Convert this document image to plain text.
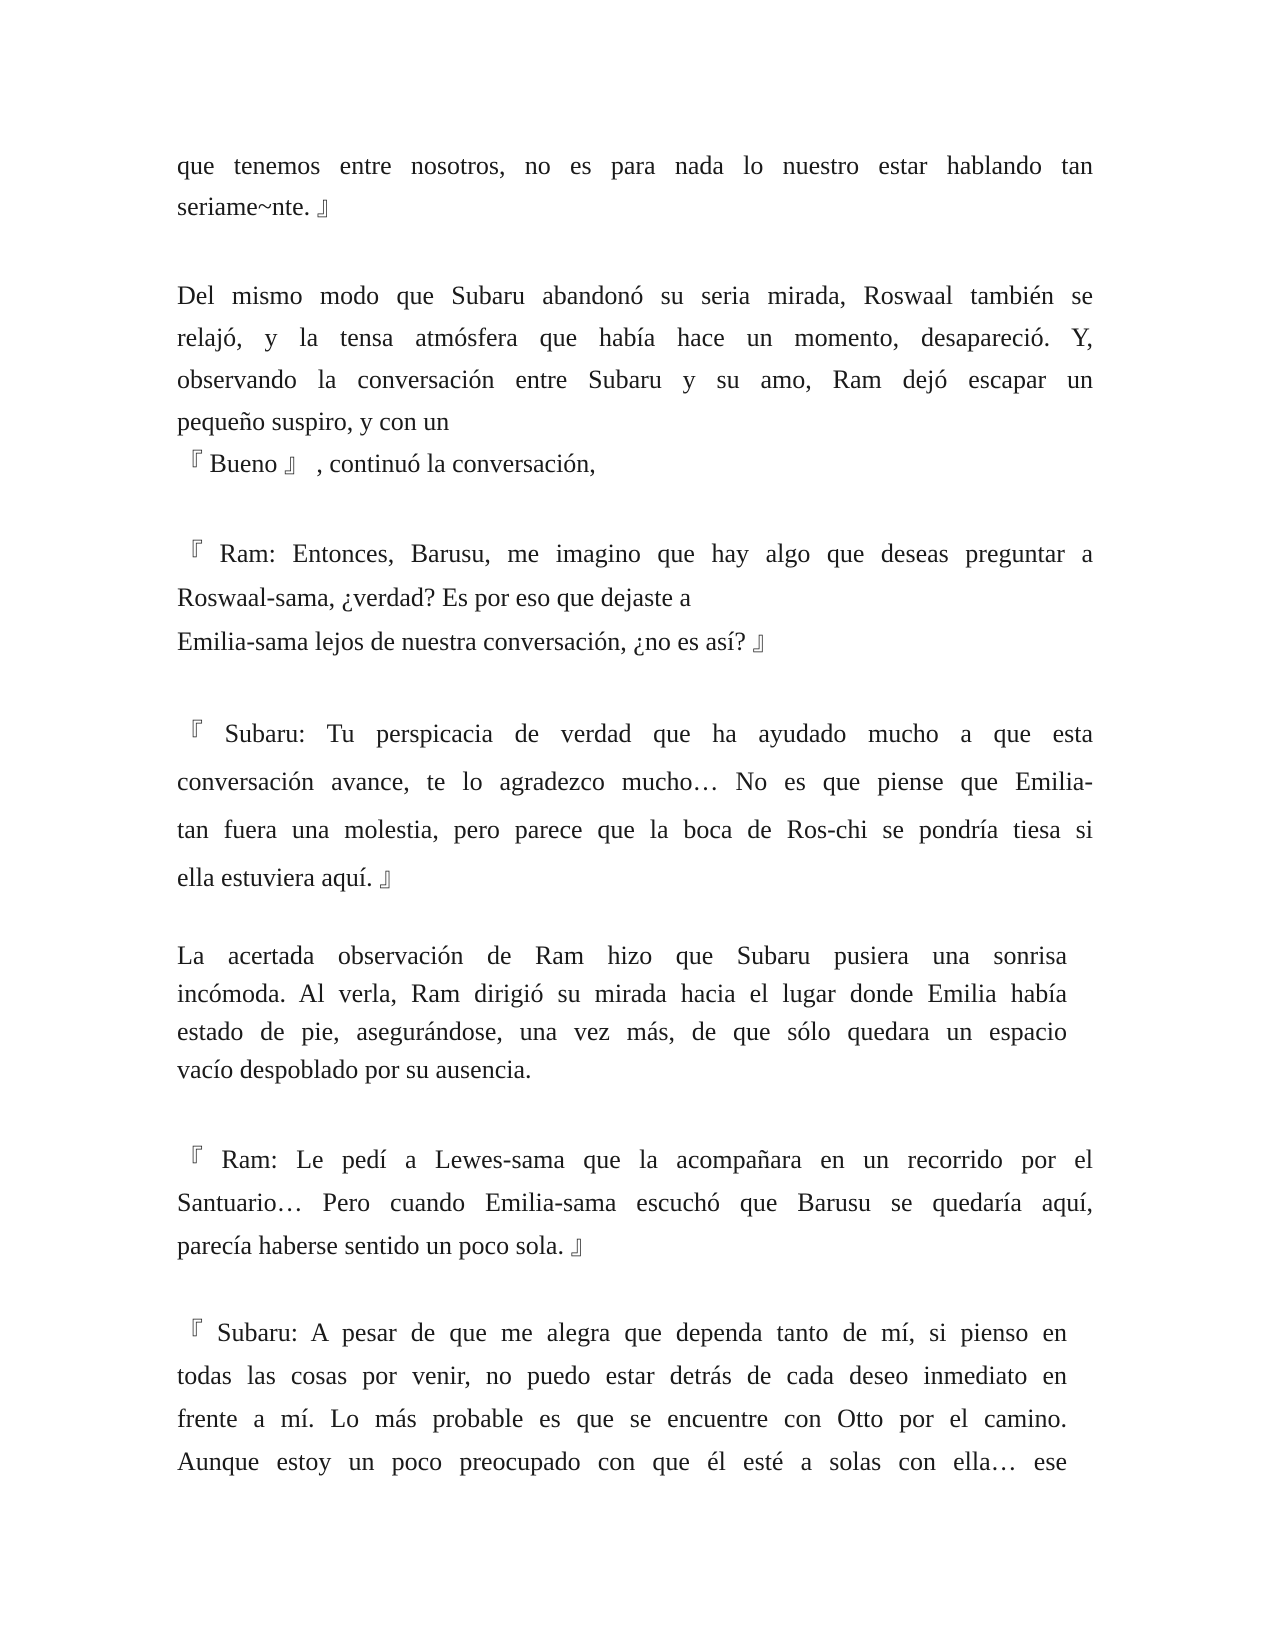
que tenemos entre nosotros, no es para nada lo nuestro estar hablando tan
seriame~nte. 』
Del mismo modo que Subaru abandonó su seria mirada, Roswaal también se
relajó, y la tensa atmósfera que había hace un momento, desapareció. Y,
observando la conversación entre Subaru y su amo, Ram dejó escapar un
pequeño suspiro, y con un
『 Bueno 』 , continuó la conversación,
『 Ram: Entonces, Barusu, me imagino que hay algo que deseas preguntar a
Roswaal-sama, ¿verdad? Es por eso que dejaste a
Emilia-sama lejos de nuestra conversación, ¿no es así? 』
『 Subaru: Tu perspicacia de verdad que ha ayudado mucho a que esta
conversación avance, te lo agradezco mucho… No es que piense que Emilia-
tan fuera una molestia, pero parece que la boca de Ros-chi se pondría tiesa si
ella estuviera aquí. 』
La acertada observación de Ram hizo que Subaru pusiera una sonrisa
incómoda. Al verla, Ram dirigió su mirada hacia el lugar donde Emilia había
estado de pie, asegurándose, una vez más, de que sólo quedara un espacio
vacío despoblado por su ausencia.
『 Ram: Le pedí a Lewes-sama que la acompañara en un recorrido por el
Santuario… Pero cuando Emilia-sama escuchó que Barusu se quedaría aquí,
parecía haberse sentido un poco sola. 』
『 Subaru: A pesar de que me alegra que dependa tanto de mí, si pienso en
todas las cosas por venir, no puedo estar detrás de cada deseo inmediato en
frente a mí. Lo más probable es que se encuentre con Otto por el camino.
Aunque estoy un poco preocupado con que él esté a solas con ella… ese
